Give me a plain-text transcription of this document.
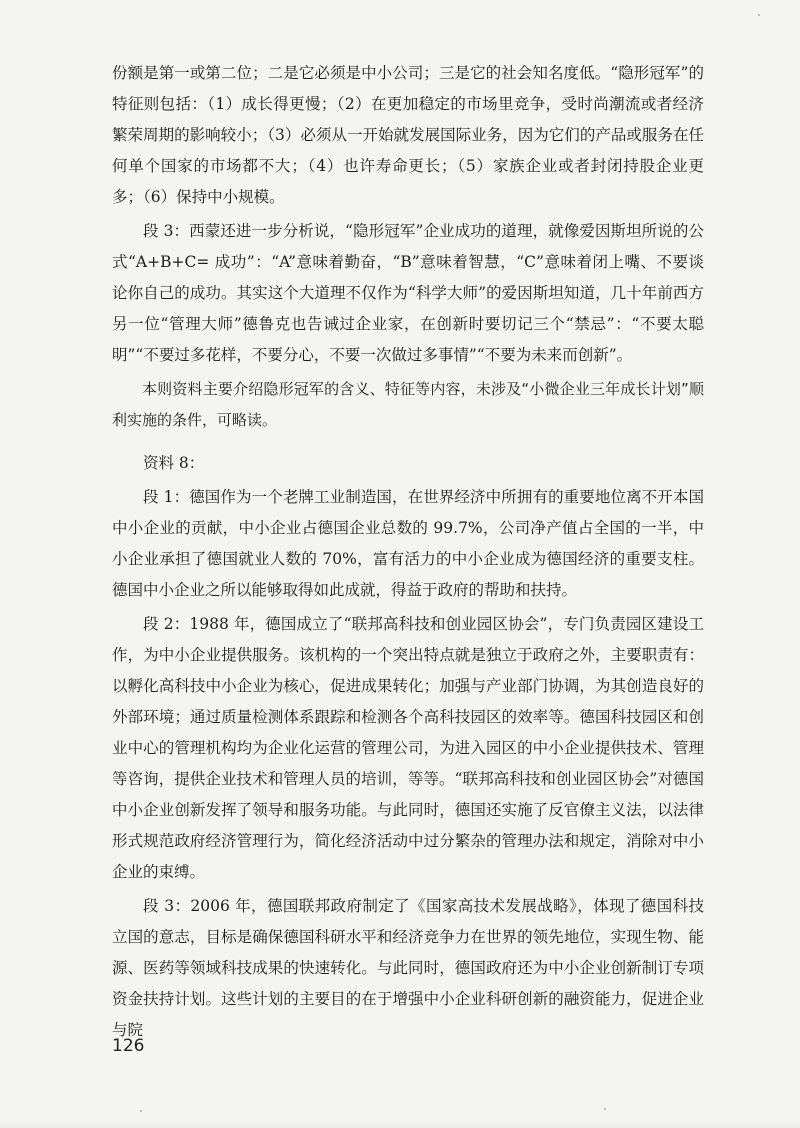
份额是第一或第二位；二是它必须是中小公司；三是它的社会知名度低。“隐形冠军”的特征则包括：（1）成长得更慢；（2）在更加稳定的市场里竞争，受时尚潮流或者经济繁荣周期的影响较小；（3）必须从一开始就发展国际业务，因为它们的产品或服务在任何单个国家的市场都不大；（4）也许寿命更长；（5）家族企业或者封闭持股企业更多；（6）保持中小规模。

段 3：西蒙还进一步分析说，“隐形冠军”企业成功的道理，就像爱因斯坦所说的公式“A+B+C= 成功”：“A”意味着勤奋，“B”意味着智慧，“C”意味着闭上嘴、不要谈论你自己的成功。其实这个大道理不仅作为“科学大师”的爱因斯坦知道，几十年前西方另一位“管理大师”德鲁克也告诫过企业家，在创新时要切记三个“禁忌”：“不要太聪明”“不要过多花样，不要分心，不要一次做过多事情”“不要为未来而创新”。

本则资料主要介绍隐形冠军的含义、特征等内容，未涉及“小微企业三年成长计划”顺利实施的条件，可略读。

资料 8：

段 1：德国作为一个老牌工业制造国，在世界经济中所拥有的重要地位离不开本国中小企业的贡献，中小企业占德国企业总数的 99.7%，公司净产值占全国的一半，中小企业承担了德国就业人数的 70%，富有活力的中小企业成为德国经济的重要支柱。德国中小企业之所以能够取得如此成就，得益于政府的帮助和扶持。

段 2：1988 年，德国成立了“联邦高科技和创业园区协会”，专门负责园区建设工作，为中小企业提供服务。该机构的一个突出特点就是独立于政府之外，主要职责有：以孵化高科技中小企业为核心，促进成果转化；加强与产业部门协调，为其创造良好的外部环境；通过质量检测体系跟踪和检测各个高科技园区的效率等。德国科技园区和创业中心的管理机构均为企业化运营的管理公司，为进入园区的中小企业提供技术、管理等咨询，提供企业技术和管理人员的培训，等等。“联邦高科技和创业园区协会”对德国中小企业创新发挥了领导和服务功能。与此同时，德国还实施了反官僚主义法，以法律形式规范政府经济管理行为，简化经济活动中过分繁杂的管理办法和规定，消除对中小企业的束缚。

段 3：2006 年，德国联邦政府制定了《国家高技术发展战略》，体现了德国科技立国的意志，目标是确保德国科研水平和经济竞争力在世界的领先地位，实现生物、能源、医药等领域科技成果的快速转化。与此同时，德国政府还为中小企业创新制订专项资金扶持计划。这些计划的主要目的在于增强中小企业科研创新的融资能力，促进企业与院

126
